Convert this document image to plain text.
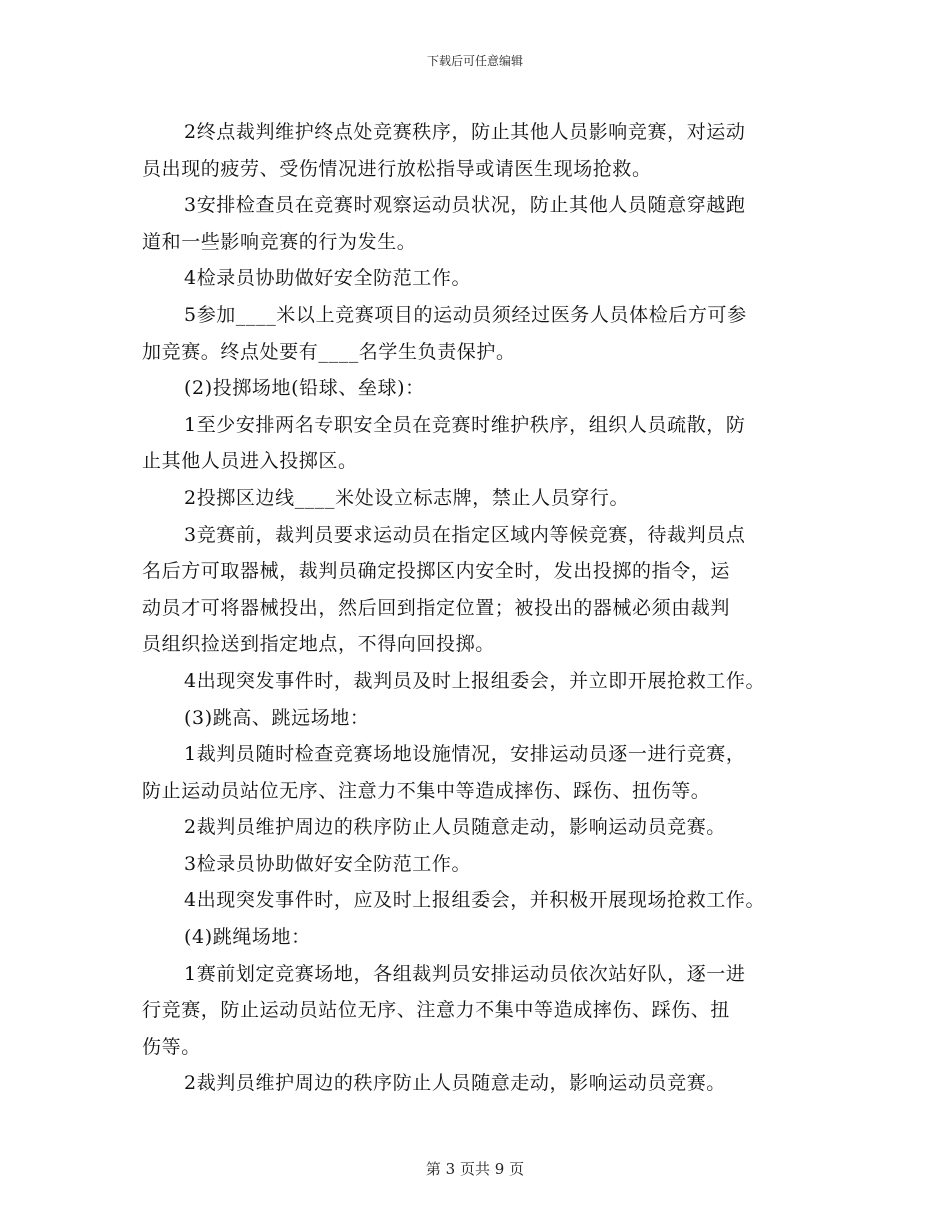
下载后可任意编辑
2终点裁判维护终点处竞赛秩序，防止其他人员影响竞赛，对运动
员出现的疲劳、受伤情况进行放松指导或请医生现场抢救。
3安排检查员在竞赛时观察运动员状况，防止其他人员随意穿越跑
道和一些影响竞赛的行为发生。
4检录员协助做好安全防范工作。
5参加____米以上竞赛项目的运动员须经过医务人员体检后方可参
加竞赛。终点处要有____名学生负责保护。
(2)投掷场地(铅球、垒球)：
1至少安排两名专职安全员在竞赛时维护秩序，组织人员疏散，防
止其他人员进入投掷区。
2投掷区边线____米处设立标志牌，禁止人员穿行。
3竞赛前，裁判员要求运动员在指定区域内等候竞赛，待裁判员点
名后方可取器械，裁判员确定投掷区内安全时，发出投掷的指令，运
动员才可将器械投出，然后回到指定位置；被投出的器械必须由裁判
员组织捡送到指定地点，不得向回投掷。
4出现突发事件时，裁判员及时上报组委会，并立即开展抢救工作。
(3)跳高、跳远场地：
1裁判员随时检查竞赛场地设施情况，安排运动员逐一进行竞赛，
防止运动员站位无序、注意力不集中等造成摔伤、踩伤、扭伤等。
2裁判员维护周边的秩序防止人员随意走动，影响运动员竞赛。
3检录员协助做好安全防范工作。
4出现突发事件时，应及时上报组委会，并积极开展现场抢救工作。
(4)跳绳场地：
1赛前划定竞赛场地，各组裁判员安排运动员依次站好队，逐一进
行竞赛，防止运动员站位无序、注意力不集中等造成摔伤、踩伤、扭
伤等。
2裁判员维护周边的秩序防止人员随意走动，影响运动员竞赛。
第 3 页共 9 页
